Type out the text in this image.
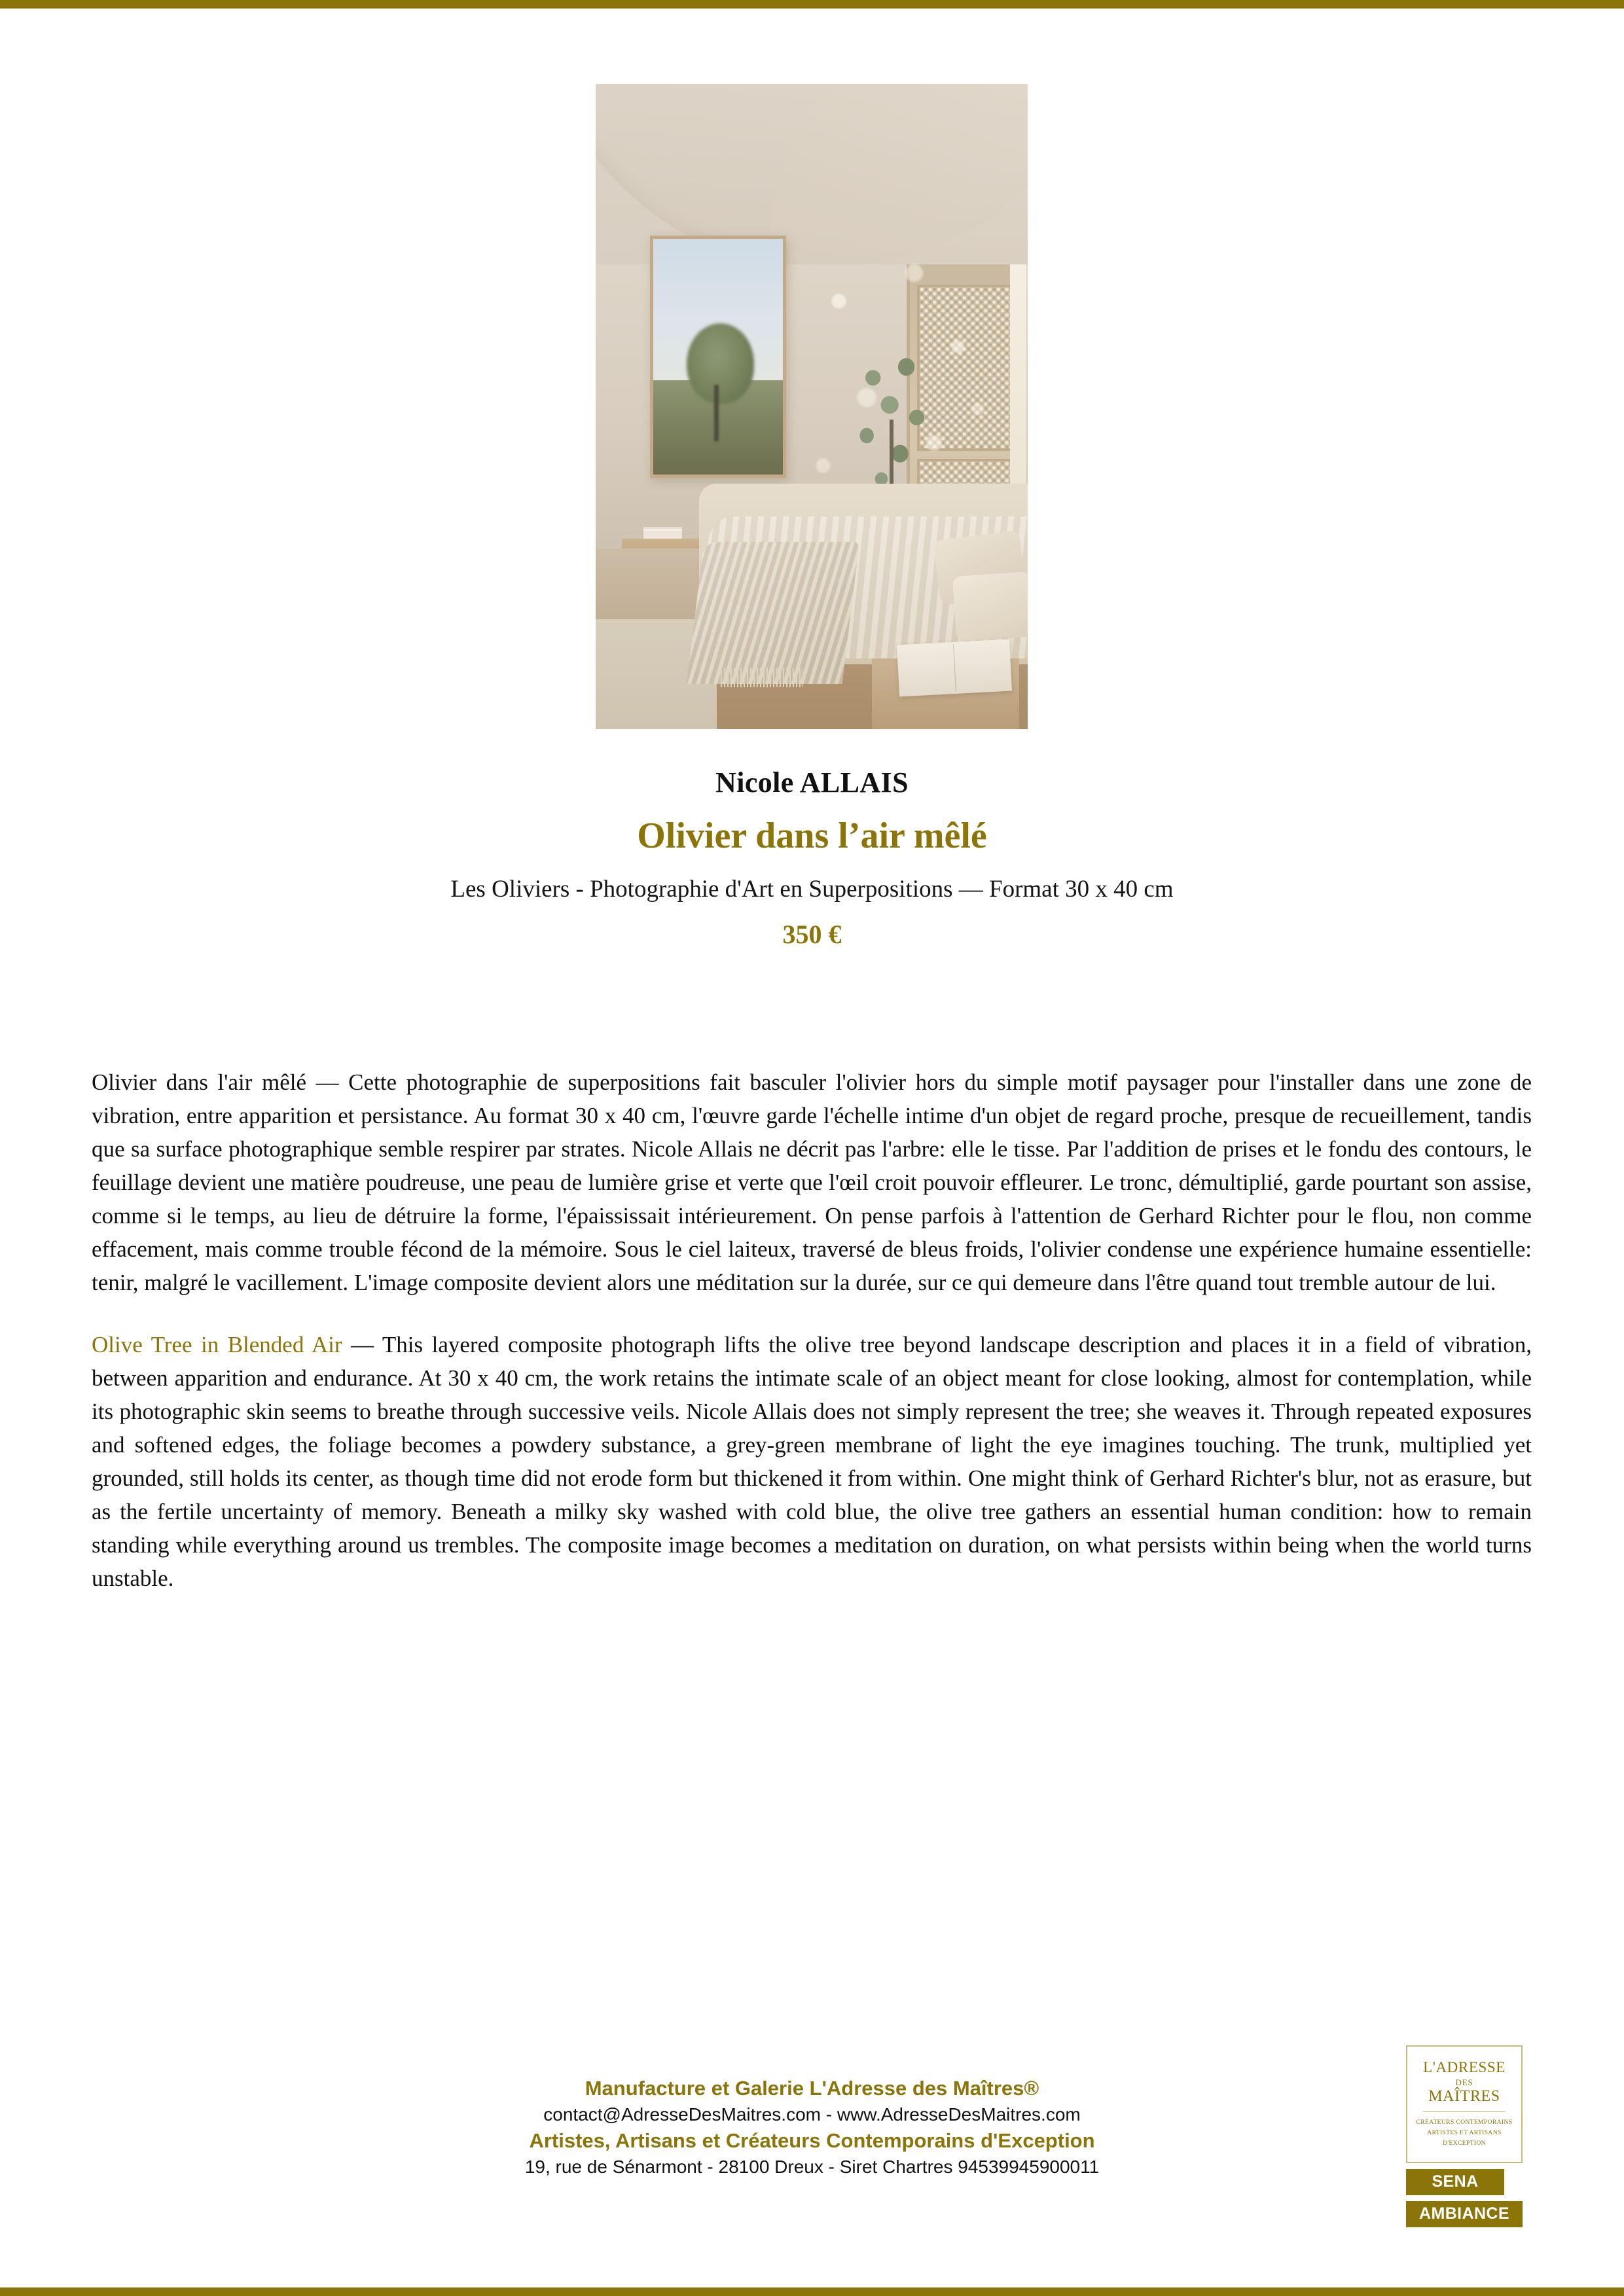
Nicole ALLAIS
Olivier dans l’air mêlé
Les Oliviers - Photographie d'Art en Superpositions — Format 30 x 40 cm
350 €

Olivier dans l'air mêlé — Cette photographie de superpositions fait basculer l'olivier hors du simple motif paysager pour l'installer dans une zone de vibration, entre apparition et persistance. Au format 30 x 40 cm, l'œuvre garde l'échelle intime d'un objet de regard proche, presque de recueillement, tandis que sa surface photographique semble respirer par strates. Nicole Allais ne décrit pas l'arbre: elle le tisse. Par l'addition de prises et le fondu des contours, le feuillage devient une matière poudreuse, une peau de lumière grise et verte que l'œil croit pouvoir effleurer. Le tronc, démultiplié, garde pourtant son assise, comme si le temps, au lieu de détruire la forme, l'épaississait intérieurement. On pense parfois à l'attention de Gerhard Richter pour le flou, non comme effacement, mais comme trouble fécond de la mémoire. Sous le ciel laiteux, traversé de bleus froids, l'olivier condense une expérience humaine essentielle: tenir, malgré le vacillement. L'image composite devient alors une méditation sur la durée, sur ce qui demeure dans l'être quand tout tremble autour de lui.

Olive Tree in Blended Air — This layered composite photograph lifts the olive tree beyond landscape description and places it in a field of vibration, between apparition and endurance. At 30 x 40 cm, the work retains the intimate scale of an object meant for close looking, almost for contemplation, while its photographic skin seems to breathe through successive veils. Nicole Allais does not simply represent the tree; she weaves it. Through repeated exposures and softened edges, the foliage becomes a powdery substance, a grey-green membrane of light the eye imagines touching. The trunk, multiplied yet grounded, still holds its center, as though time did not erode form but thickened it from within. One might think of Gerhard Richter's blur, not as erasure, but as the fertile uncertainty of memory. Beneath a milky sky washed with cold blue, the olive tree gathers an essential human condition: how to remain standing while everything around us trembles. The composite image becomes a meditation on duration, on what persists within being when the world turns unstable.

Manufacture et Galerie L'Adresse des Maîtres®
contact@AdresseDesMaitres.com - www.AdresseDesMaitres.com
Artistes, Artisans et Créateurs Contemporains d'Exception
19, rue de Sénarmont - 28100 Dreux - Siret Chartres 94539945900011
L'ADRESSE
DES
MAÎTRES
CRÉATEURS CONTEMPORAINS
ARTISTES ET ARTISANS
D'EXCEPTION
SENA
AMBIANCE
